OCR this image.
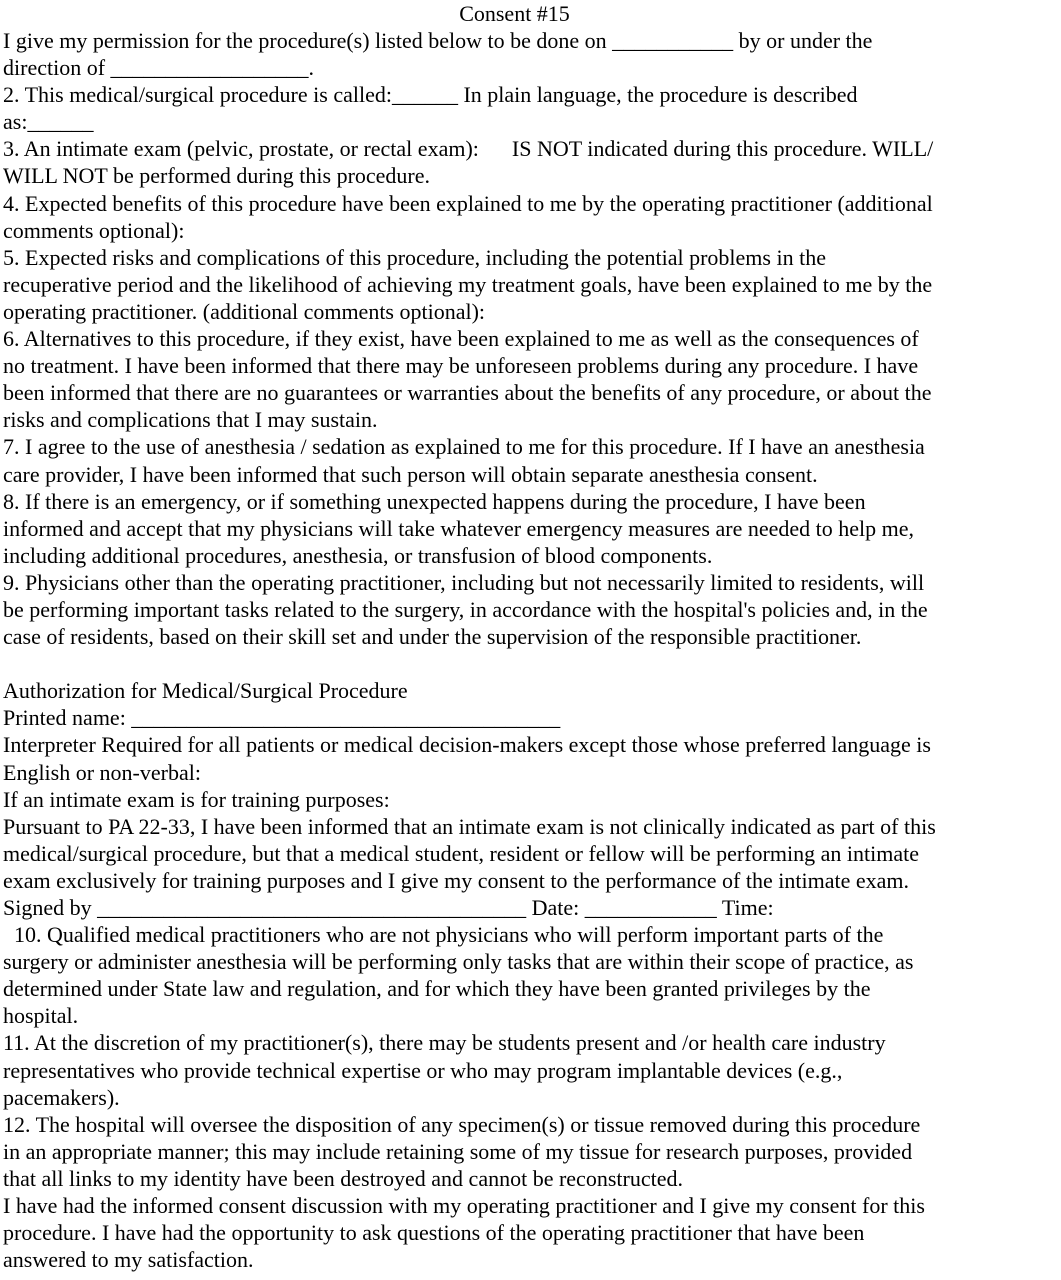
Consent #15
I give my permission for the procedure(s) listed below to be done on ___________ by or under the
direction of __________________.
2. This medical/surgical procedure is called:______ In plain language, the procedure is described
as:______
3. An intimate exam (pelvic, prostate, or rectal exam):      IS NOT indicated during this procedure. WILL/
WILL NOT be performed during this procedure.
4. Expected benefits of this procedure have been explained to me by the operating practitioner (additional
comments optional):
5. Expected risks and complications of this procedure, including the potential problems in the
recuperative period and the likelihood of achieving my treatment goals, have been explained to me by the
operating practitioner. (additional comments optional):
6. Alternatives to this procedure, if they exist, have been explained to me as well as the consequences of
no treatment. I have been informed that there may be unforeseen problems during any procedure. I have
been informed that there are no guarantees or warranties about the benefits of any procedure, or about the
risks and complications that I may sustain.
7. I agree to the use of anesthesia / sedation as explained to me for this procedure. If I have an anesthesia
care provider, I have been informed that such person will obtain separate anesthesia consent.
8. If there is an emergency, or if something unexpected happens during the procedure, I have been
informed and accept that my physicians will take whatever emergency measures are needed to help me,
including additional procedures, anesthesia, or transfusion of blood components.
9. Physicians other than the operating practitioner, including but not necessarily limited to residents, will
be performing important tasks related to the surgery, in accordance with the hospital's policies and, in the
case of residents, based on their skill set and under the supervision of the responsible practitioner.
Authorization for Medical/Surgical Procedure
Printed name: _______________________________________
Interpreter Required for all patients or medical decision-makers except those whose preferred language is
English or non-verbal:
If an intimate exam is for training purposes:
Pursuant to PA 22-33, I have been informed that an intimate exam is not clinically indicated as part of this
medical/surgical procedure, but that a medical student, resident or fellow will be performing an intimate
exam exclusively for training purposes and I give my consent to the performance of the intimate exam.
Signed by _______________________________________ Date: ____________ Time:
10. Qualified medical practitioners who are not physicians who will perform important parts of the
surgery or administer anesthesia will be performing only tasks that are within their scope of practice, as
determined under State law and regulation, and for which they have been granted privileges by the
hospital.
11. At the discretion of my practitioner(s), there may be students present and /or health care industry
representatives who provide technical expertise or who may program implantable devices (e.g.,
pacemakers).
12. The hospital will oversee the disposition of any specimen(s) or tissue removed during this procedure
in an appropriate manner; this may include retaining some of my tissue for research purposes, provided
that all links to my identity have been destroyed and cannot be reconstructed.
I have had the informed consent discussion with my operating practitioner and I give my consent for this
procedure. I have had the opportunity to ask questions of the operating practitioner that have been
answered to my satisfaction.
